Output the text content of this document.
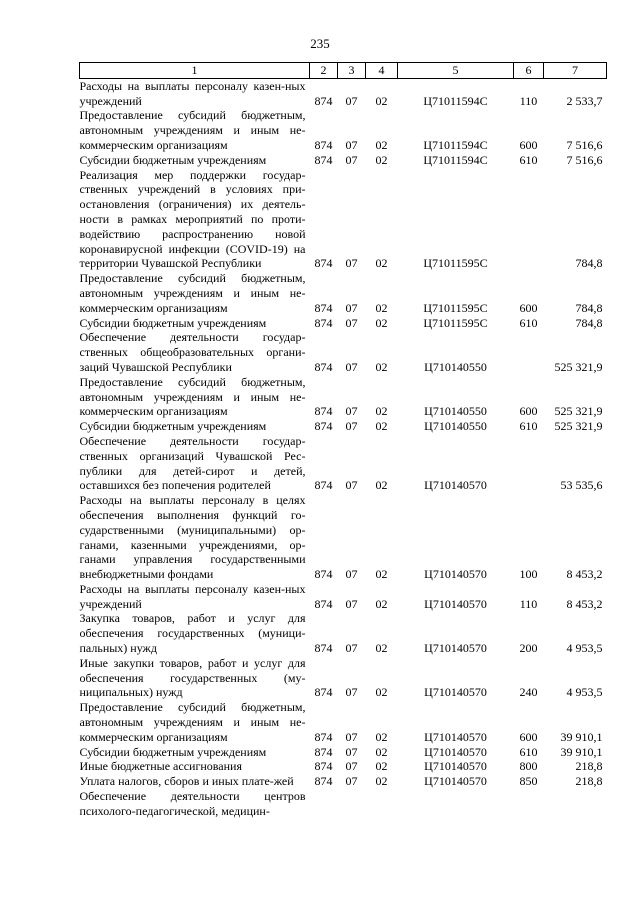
235
1	2	3	4	5	6	7
Расходы на выплаты персоналу казен-ных учреждений	874	07	02	Ц71011594С	110	2 533,7
Предоставление субсидий бюджетным, автономным учреждениям и иным не-коммерческим организациям	874	07	02	Ц71011594С	600	7 516,6
Субсидии бюджетным учреждениям	874	07	02	Ц71011594С	610	7 516,6
Реализация мер поддержки государ-ственных учреждений в условиях при-остановления (ограничения) их деятель-ности в рамках мероприятий по проти-водействию распространению новой коронавирусной инфекции (COVID-19) на территории Чувашской Республики	874	07	02	Ц71011595С		784,8
Предоставление субсидий бюджетным, автономным учреждениям и иным не-коммерческим организациям	874	07	02	Ц71011595С	600	784,8
Субсидии бюджетным учреждениям	874	07	02	Ц71011595С	610	784,8
Обеспечение деятельности государ-ственных общеобразовательных органи-заций Чувашской Республики	874	07	02	Ц710140550		525 321,9
Предоставление субсидий бюджетным, автономным учреждениям и иным не-коммерческим организациям	874	07	02	Ц710140550	600	525 321,9
Субсидии бюджетным учреждениям	874	07	02	Ц710140550	610	525 321,9
Обеспечение деятельности государ-ственных организаций Чувашской Рес-публики для детей-сирот и детей, оставшихся без попечения родителей	874	07	02	Ц710140570		53 535,6
Расходы на выплаты персоналу в целях обеспечения выполнения функций го-сударственными (муниципальными) ор-ганами, казенными учреждениями, ор-ганами управления государственными внебюджетными фондами	874	07	02	Ц710140570	100	8 453,2
Расходы на выплаты персоналу казен-ных учреждений	874	07	02	Ц710140570	110	8 453,2
Закупка товаров, работ и услуг для обеспечения государственных (муници-пальных) нужд	874	07	02	Ц710140570	200	4 953,5
Иные закупки товаров, работ и услуг для обеспечения государственных (му-ниципальных) нужд	874	07	02	Ц710140570	240	4 953,5
Предоставление субсидий бюджетным, автономным учреждениям и иным не-коммерческим организациям	874	07	02	Ц710140570	600	39 910,1
Субсидии бюджетным учреждениям	874	07	02	Ц710140570	610	39 910,1
Иные бюджетные ассигнования	874	07	02	Ц710140570	800	218,8
Уплата налогов, сборов и иных плате-жей	874	07	02	Ц710140570	850	218,8
Обеспечение деятельности центров психолого-педагогической, медицин-						
